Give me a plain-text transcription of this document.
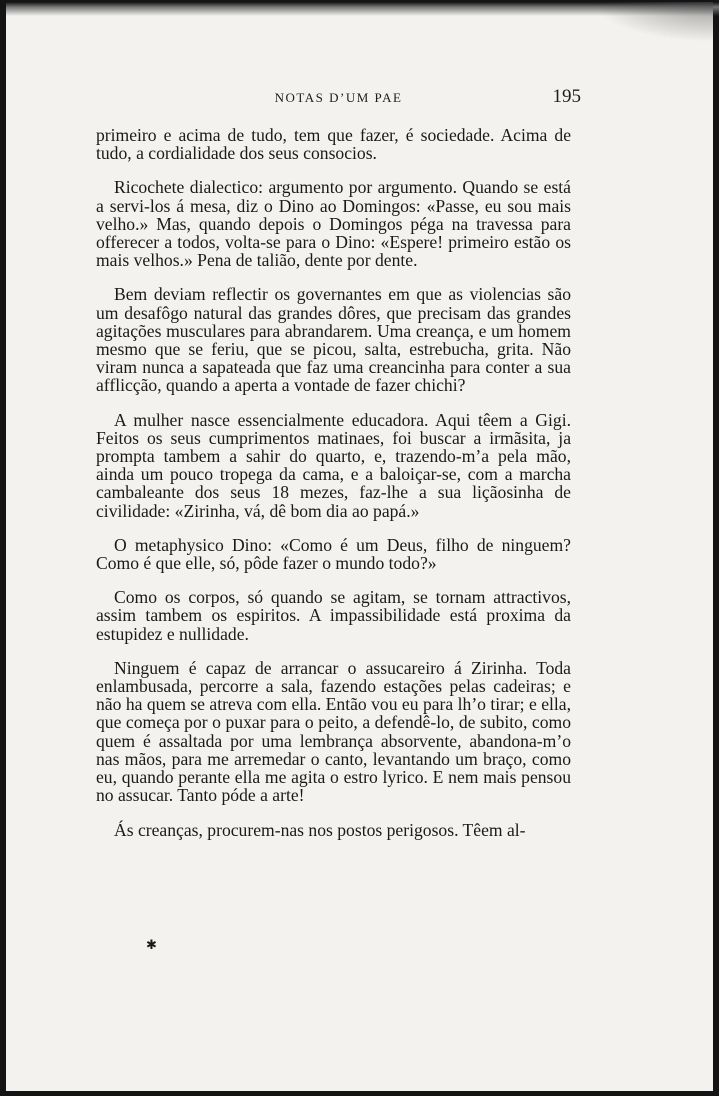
NOTAS D’UM PAE	195

primeiro e acima de tudo, tem que fazer, é sociedade. Acima de tudo, a cordialidade dos seus consocios.

Ricochete dialectico: argumento por argumento. Quando se está a servi-los á mesa, diz o Dino ao Domingos: «Passe, eu sou mais velho.» Mas, quando depois o Domingos péga na travessa para offerecer a todos, volta-se para o Dino: «Espere! primeiro estão os mais velhos.» Pena de talião, dente por dente.

Bem deviam reflectir os governantes em que as violencias são um desafôgo natural das grandes dôres, que precisam das grandes agitações musculares para abrandarem. Uma creança, e um homem mesmo que se feriu, que se picou, salta, estrebucha, grita. Não viram nunca a sapateada que faz uma creancinha para conter a sua afflicção, quando a aperta a vontade de fazer chichi?

A mulher nasce essencialmente educadora. Aqui têem a Gigi. Feitos os seus cumprimentos matinaes, foi buscar a irmãsita, ja prompta tambem a sahir do quarto, e, trazendo-m’a pela mão, ainda um pouco tropega da cama, e a baloiçar-se, com a marcha cambaleante dos seus 18 mezes, faz-lhe a sua liçãosinha de civilidade: «Zirinha, vá, dê bom dia ao papá.»

O metaphysico Dino: «Como é um Deus, filho de ninguem? Como é que elle, só, pôde fazer o mundo todo?»

Como os corpos, só quando se agitam, se tornam attractivos, assim tambem os espiritos. A impassibilidade está proxima da estupidez e nullidade.

Ninguem é capaz de arrancar o assucareiro á Zirinha. Toda enlambusada, percorre a sala, fazendo estações pelas cadeiras; e não ha quem se atreva com ella. Então vou eu para lh’o tirar; e ella, que começa por o puxar para o peito, a defendê-lo, de subito, como quem é assaltada por uma lembrança absorvente, abandona-m’o nas mãos, para me arremedar o canto, levantando um braço, como eu, quando perante ella me agita o estro lyrico. E nem mais pensou no assucar. Tanto póde a arte!

Ás creanças, procurem-nas nos postos perigosos. Têem al-

✱
